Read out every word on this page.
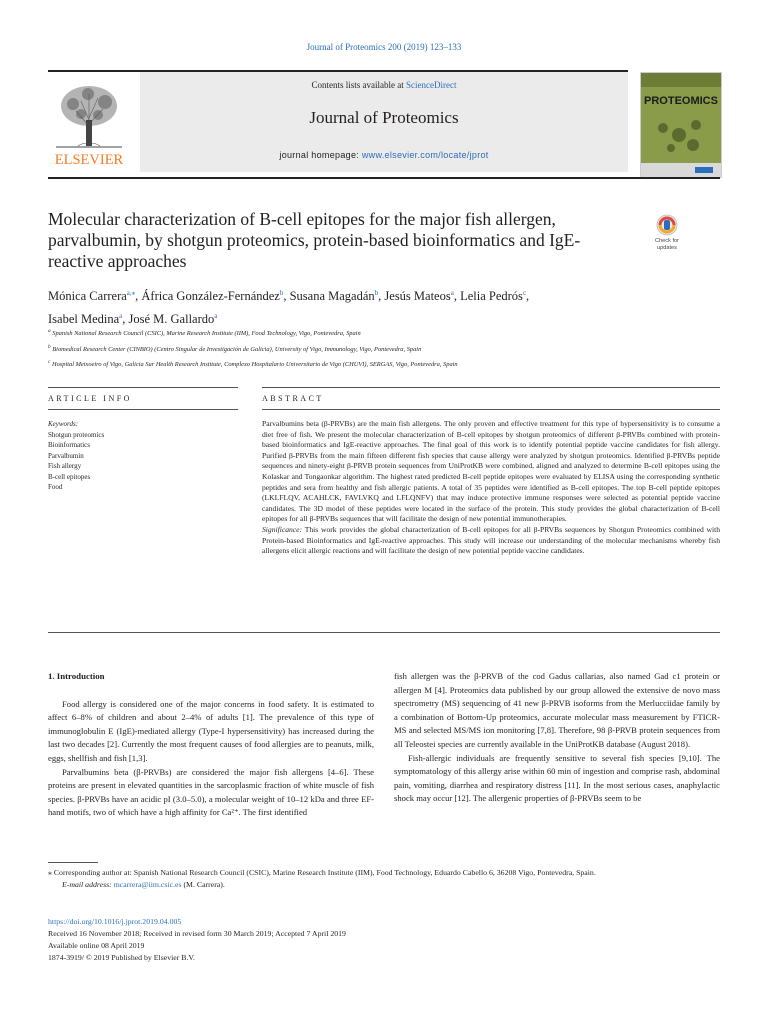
Journal of Proteomics 200 (2019) 123–133
ELSEVIER
Contents lists available at ScienceDirect
Journal of Proteomics
journal homepage: www.elsevier.com/locate/jprot
PROTEOMICS
Molecular characterization of B-cell epitopes for the major fish allergen, parvalbumin, by shotgun proteomics, protein-based bioinformatics and IgE-reactive approaches
Check for
updates
Mónica Carrera$^{a,⁎}$, África González-Fernández$^b$, Susana Magadán$^b$, Jesús Mateos$^a$, Lelia Pedrós$^c$,
Isabel Medina$^a$, José M. Gallardo$^a$
$^a$ Spanish National Research Council (CSIC), Marine Research Institute (IIM), Food Technology, Vigo, Pontevedra, Spain
$^b$ Biomedical Research Center (CINBIO) (Centro Singular de Investigación de Galicia), University of Vigo, Immunology, Vigo, Pontevedra, Spain
$^c$ Hospital Meixoeiro of Vigo, Galicia Sur Health Research Institute, Complexo Hospitalario Universitario de Vigo (CHUVI), SERGAS, Vigo, Pontevedra, Spain
ARTICLE INFO	ABSTRACT
Keywords:
Shotgun proteomics
Bioinformatics
Parvalbumin
Fish allergy
B-cell epitopes
Food
Parvalbumins beta (β-PRVBs) are the main fish allergens. The only proven and effective treatment for this type of hypersensitivity is to consume a diet free of fish. We present the molecular characterization of B-cell epitopes by shotgun proteomics of different β-PRVBs combined with protein-based bioinformatics and IgE-reactive approaches. The final goal of this work is to identify potential peptide vaccine candidates for fish allergy. Purified β-PRVBs from the main fifteen different fish species that cause allergy were analyzed by shotgun proteomics. Identified β-PRVBs peptide sequences and ninety-eight β-PRVB protein sequences from UniProtKB were combined, aligned and analyzed to determine B-cell epitopes using the Kolaskar and Tongaonkar algorithm. The highest rated predicted B-cell peptide epitopes were evaluated by ELISA using the corresponding synthetic peptides and sera from healthy and fish allergic patients. A total of 35 peptides were identified as B-cell epitopes. The top B-cell peptide epitopes (LKLFLQV, ACAHLCK, FAVLVKQ and LFLQNFV) that may induce protective immune responses were selected as potential peptide vaccine candidates. The 3D model of these peptides were located in the surface of the protein. This study provides the global characterization of B-cell epitopes for all β-PRVBs sequences that will facilitate the design of new potential immunotherapies.
Significance: This work provides the global characterization of B-cell epitopes for all β-PRVBs sequences by Shotgun Proteomics combined with Protein-based Bioinformatics and IgE-reactive approaches. This study will increase our understanding of the molecular mechanisms whereby fish allergens elicit allergic reactions and will facilitate the design of new potential peptide vaccine candidates.

1. Introduction

Food allergy is considered one of the major concerns in food safety. It is estimated to affect 6–8% of children and about 2–4% of adults [1]. The prevalence of this type of immunoglobulin E (IgE)-mediated allergy (Type-I hypersensitivity) has increased during the last two decades [2]. Currently the most frequent causes of food allergies are to peanuts, milk, eggs, shellfish and fish [1,3].

Parvalbumins beta (β-PRVBs) are considered the major fish allergens [4–6]. These proteins are present in elevated quantities in the sarcoplasmic fraction of white muscle of fish species. β-PRVBs have an acidic pI (3.0–5.0), a molecular weight of 10–12 kDa and three EF-hand motifs, two of which have a high affinity for Ca²⁺. The first identified

fish allergen was the β-PRVB of the cod Gadus callarias, also named Gad c1 protein or allergen M [4]. Proteomics data published by our group allowed the extensive de novo mass spectrometry (MS) sequencing of 41 new β-PRVB isoforms from the Merlucciidae family by a combination of Bottom-Up proteomics, accurate molecular mass measurement by FTICR-MS and selected MS/MS ion monitoring [7,8]. Therefore, 98 β-PRVB protein sequences from all Teleostei species are currently available in the UniProtKB database (August 2018).

Fish-allergic individuals are frequently sensitive to several fish species [9,10]. The symptomatology of this allergy arise within 60 min of ingestion and comprise rash, abdominal pain, vomiting, diarrhea and respiratory distress [11]. In the most serious cases, anaphylactic shock may occur [12]. The allergenic properties of β-PRVBs seem to be

⁎ Corresponding author at: Spanish National Research Council (CSIC), Marine Research Institute (IIM), Food Technology, Eduardo Cabello 6, 36208 Vigo, Pontevedra, Spain.
E-mail address: mcarrera@iim.csic.es (M. Carrera).
https://doi.org/10.1016/j.jprot.2019.04.005
Received 16 November 2018; Received in revised form 30 March 2019; Accepted 7 April 2019
Available online 08 April 2019
1874-3919/ © 2019 Published by Elsevier B.V.
